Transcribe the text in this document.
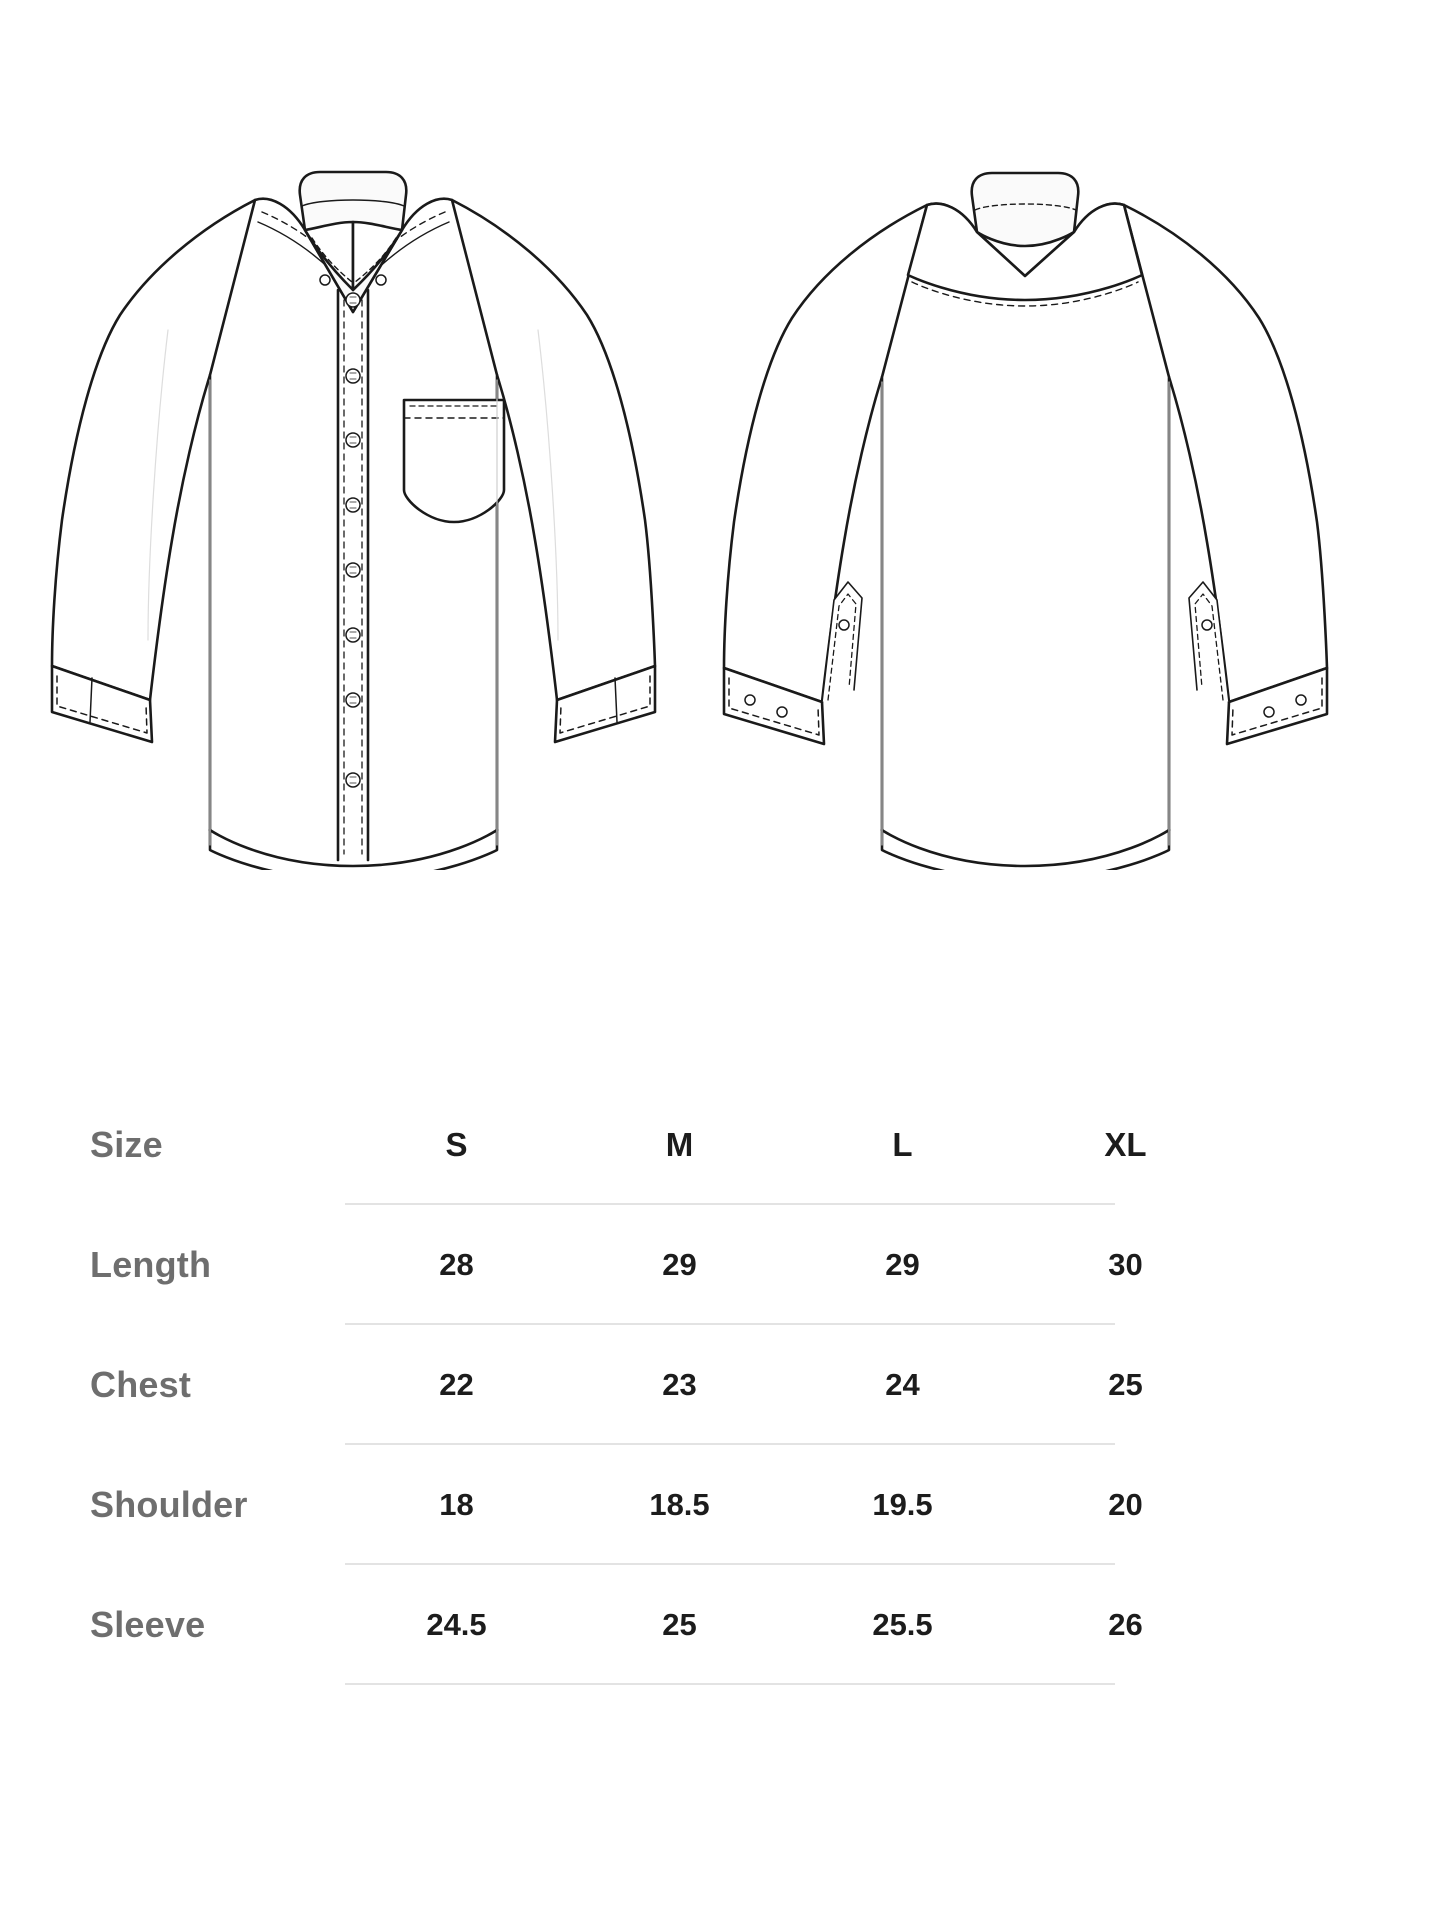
Size	S	M	L	XL
Length	28	29	29	30
Chest	22	23	24	25
Shoulder	18	18.5	19.5	20
Sleeve	24.5	25	25.5	26
